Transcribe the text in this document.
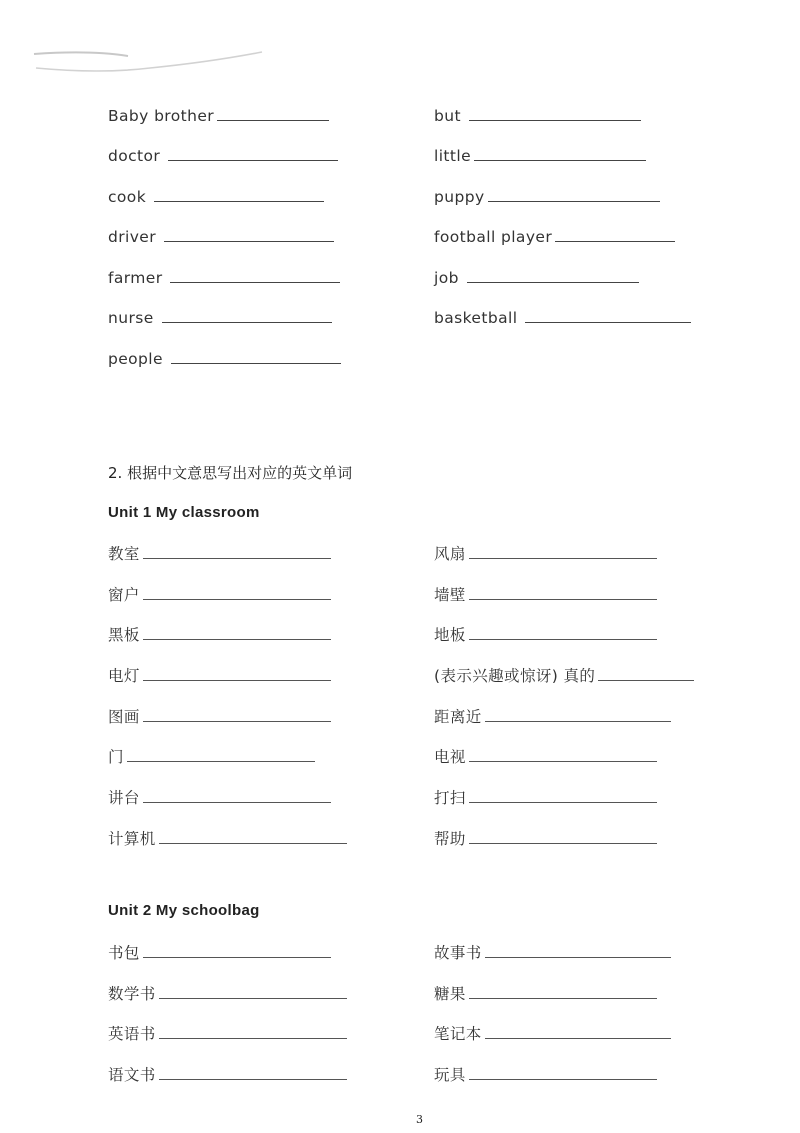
Baby brother
doctor
cook
driver
farmer
nurse
people
but
little
puppy
football player
job
basketball
2. 根据中文意思写出对应的英文单词
Unit 1 My classroom
教室
窗户
黑板
电灯
图画
门
讲台
计算机
风扇
墙壁
地板
(表示兴趣或惊讶) 真的
距离近
电视
打扫
帮助
Unit 2 My schoolbag
书包
数学书
英语书
语文书
故事书
糖果
笔记本
玩具
3
